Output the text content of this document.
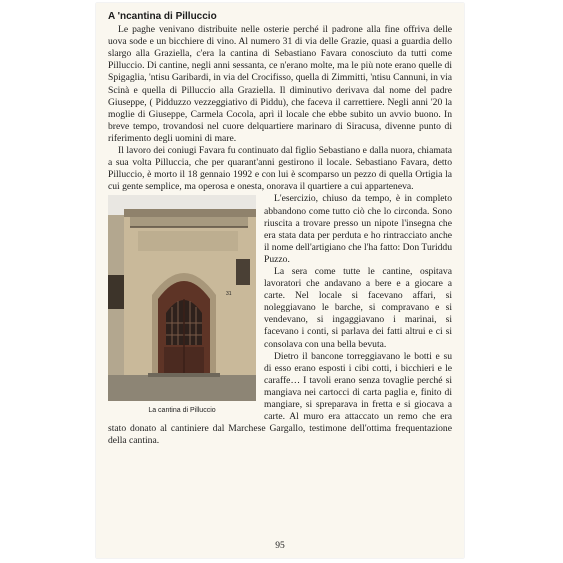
A 'ncantina di Pilluccio

Le paghe venivano distribuite nelle osterie perché il padrone alla fine offriva delle uova sode e un bicchiere di vino. Al numero 31 di via delle Grazie, quasi a guardia dello slargo alla Graziella, c'era la cantina di Sebastiano Favara conosciuto da tutti come Pilluccio. Di cantine, negli anni sessanta, ce n'erano molte, ma le più note erano quelle di Spigaglia, 'ntisu Garibardi, in via del Crocifisso, quella di Zimmitti, 'ntisu Cannuni, in via Scinà e quella di Pilluccio alla Graziella. Il diminutivo derivava dal nome del padre Giuseppe, ( Pidduzzo vezzeggiativo di Piddu), che faceva il carrettiere. Negli anni '20 la moglie di Giuseppe, Carmela Cocola, aprì il locale che ebbe subito un avvio buono. In breve tempo, trovandosi nel cuore delquartiere marinaro di Siracusa, divenne punto di riferimento degli uomini di mare.

Il lavoro dei coniugi Favara fu continuato dal figlio Sebastiano e dalla nuora, chiamata a sua volta Pilluccia, che per quarant'anni gestirono il locale. Sebastiano Favara, detto Pilluccio, è morto il 18 gennaio 1992 e con lui è scomparso un pezzo di quella Ortigia la cui gente semplice, ma operosa e onesta, onorava il quartiere a cui apparteneva.

31
La cantina di Pilluccio

L'esercizio, chiuso da tempo, è in completo abbandono come tutto ciò che lo circonda. Sono riuscita a trovare presso un nipote l'insegna che era stata data per perduta e ho rintracciato anche il nome dell'artigiano che l'ha fatto: Don Turiddu Puzzo.

La sera come tutte le cantine, ospitava lavoratori che andavano a bere e a giocare a carte. Nel locale si facevano affari, si noleggiavano le barche, si compravano e si vendevano, si ingaggiavano i marinai, si facevano i conti, si parlava dei fatti altrui e ci si consolava con una bella bevuta.

Dietro il bancone torreggiavano le botti e su di esso erano esposti i cibi cotti, i bicchieri e le caraffe… I tavoli erano senza tovaglie perché si mangiava nei cartocci di carta paglia e, finito di mangiare, si spreparava in fretta e si giocava a carte. Al muro era attaccato un remo che era stato donato al cantiniere dal Marchese Gargallo, testimone dell'ottima frequentazione della cantina.

95
